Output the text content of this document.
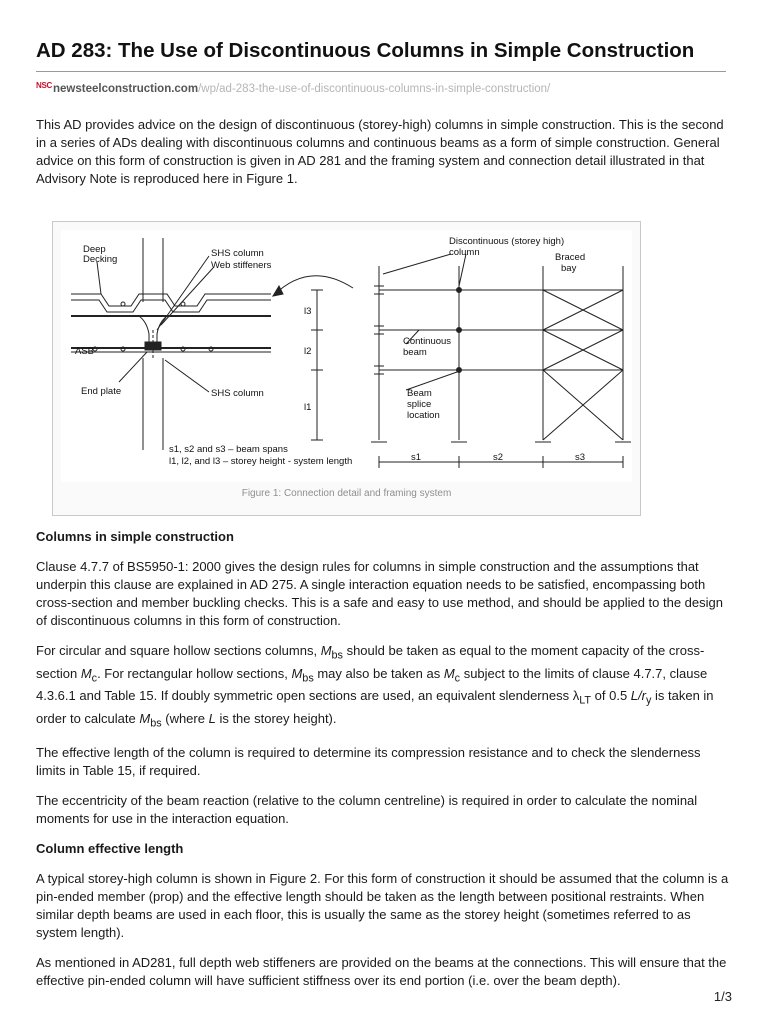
AD 283: The Use of Discontinuous Columns in Simple Construction
NSC newsteelconstruction.com/wp/ad-283-the-use-of-discontinuous-columns-in-simple-construction/

This AD provides advice on the design of discontinuous (storey-high) columns in simple construction. This is the second in a series of ADs dealing with discontinuous columns and continuous beams as a form of simple construction. General advice on this form of construction is given in AD 281 and the framing system and connection detail illustrated in that Advisory Note is reproduced here in Figure 1.

Deep
Decking
SHS column
Web stiffeners
ASB
End plate	SHS column
Discontinuous (storey high)
column	Braced
bay
l3
l2
l1
Continuous
beam
Beam
splice
location
s1	s2	s3
s1, s2 and s3 – beam spans
l1, l2, and l3 – storey height - system length
Figure 1: Connection detail and framing system
Columns in simple construction

Clause 4.7.7 of BS5950-1: 2000 gives the design rules for columns in simple construction and the assumptions that underpin this clause are explained in AD 275. A single interaction equation needs to be satisfied, encompassing both cross-section and member buckling checks. This is a safe and easy to use method, and should be applied to the design of discontinuous columns in this form of construction.

For circular and square hollow sections columns, $M_{bs}$ should be taken as equal to the moment capacity of the cross-section $M_c$. For rectangular hollow sections, $M_{bs}$ may also be taken as $M_c$ subject to the limits of clause 4.7.7, clause 4.3.6.1 and Table 15. If doubly symmetric open sections are used, an equivalent slenderness $\lambda_{LT}$ of 0.5 $L/r_y$ is taken in order to calculate $M_{bs}$ (where L is the storey height).

The effective length of the column is required to determine its compression resistance and to check the slenderness limits in Table 15, if required.

The eccentricity of the beam reaction (relative to the column centreline) is required in order to calculate the nominal moments for use in the interaction equation.

Column effective length

A typical storey-high column is shown in Figure 2. For this form of construction it should be assumed that the column is a pin-ended member (prop) and the effective length should be taken as the length between positional restraints. When similar depth beams are used in each floor, this is usually the same as the storey height (sometimes referred to as system length).

As mentioned in AD281, full depth web stiffeners are provided on the beams at the connections. This will ensure that the effective pin-ended column will have sufficient stiffness over its end portion (i.e. over the beam depth).

1/3
